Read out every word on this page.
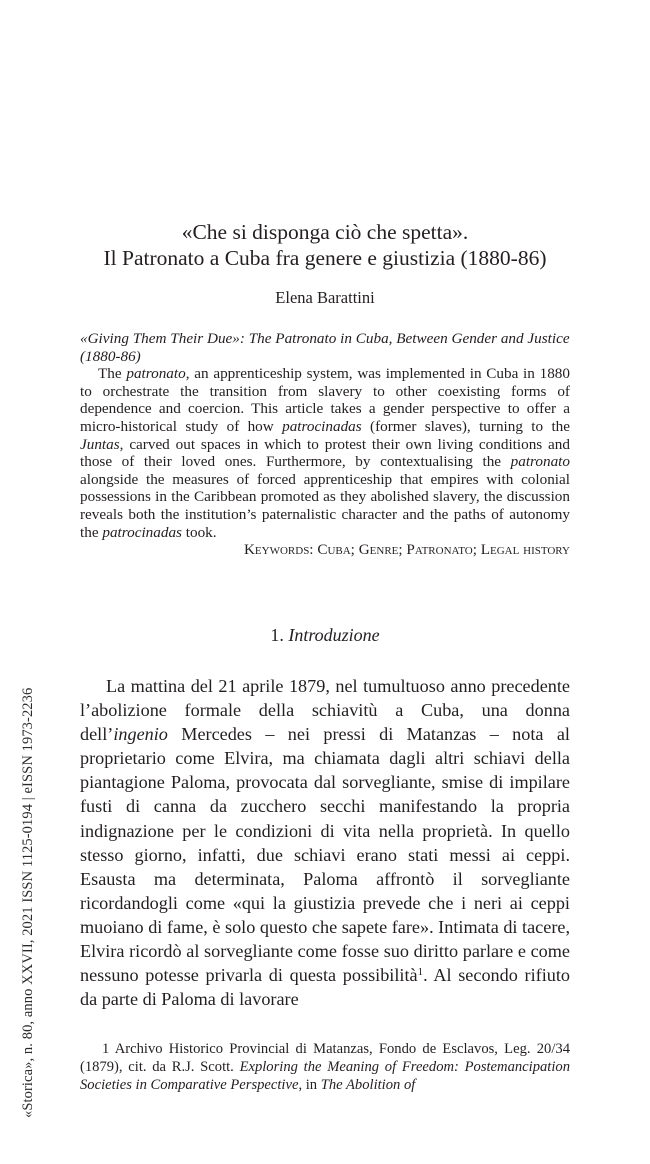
«Storica», n. 80, anno XXVII, 2021 ISSN 1125-0194 | eISSN 1973-2236
«Che si disponga ciò che spetta».
Il Patronato a Cuba fra genere e giustizia (1880-86)
Elena Barattini
«Giving Them Their Due»: The Patronato in Cuba, Between Gender and Justice (1880-86)
The patronato, an apprenticeship system, was implemented in Cuba in 1880 to orchestrate the transition from slavery to other coexisting forms of dependence and coercion. This article takes a gender perspective to offer a micro-historical study of how patrocinadas (former slaves), turning to the Juntas, carved out spaces in which to protest their own living conditions and those of their loved ones. Furthermore, by contextualising the patronato alongside the measures of forced apprenticeship that empires with colonial possessions in the Caribbean promoted as they abolished slavery, the discussion reveals both the institution’s paternalistic character and the paths of autonomy the patrocinadas took.
Keywords: Cuba; Genre; Patronato; Legal history
1. Introduzione
La mattina del 21 aprile 1879, nel tumultuoso anno precedente l’abolizione formale della schiavitù a Cuba, una donna dell’ingenio Mercedes – nei pressi di Matanzas – nota al proprietario come Elvira, ma chiamata dagli altri schiavi della piantagione Paloma, provocata dal sorvegliante, smise di impilare fusti di canna da zucchero secchi manifestando la propria indignazione per le condizioni di vita nella proprietà. In quello stesso giorno, infatti, due schiavi erano stati messi ai ceppi. Esausta ma determinata, Paloma affrontò il sorvegliante ricordandogli come «qui la giustizia prevede che i neri ai ceppi muoiano di fame, è solo questo che sapete fare». Intimata di tacere, Elvira ricordò al sorvegliante come fosse suo diritto parlare e come nessuno potesse privarla di questa possibilità$^1$. Al secondo rifiuto da parte di Paloma di lavorare
1 Archivo Historico Provincial di Matanzas, Fondo de Esclavos, Leg. 20/34 (1879), cit. da R.J. Scott. Exploring the Meaning of Freedom: Postemancipation Societies in Comparative Perspective, in The Abolition of
